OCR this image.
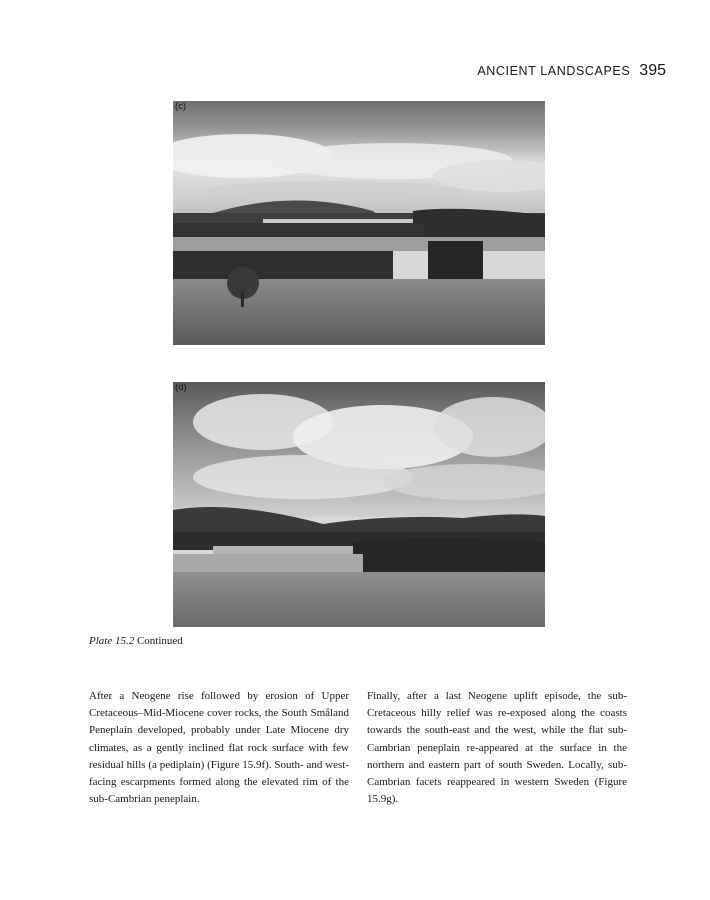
ANCIENT LANDSCAPES 395
(c)
(d)
Plate 15.2 Continued

After a Neogene rise followed by erosion of Upper Cretaceous–Mid-Miocene cover rocks, the South Småland Peneplain developed, probably under Late Miocene dry climates, as a gently inclined flat rock surface with few residual hills (a pediplain) (Figure 15.9f). South- and west-facing escarpments formed along the elevated rim of the sub-Cambrian peneplain.

Finally, after a last Neogene uplift episode, the sub-Cretaceous hilly relief was re-exposed along the coasts towards the south-east and the west, while the flat sub-Cambrian peneplain re-appeared at the surface in the northern and eastern part of south Sweden. Locally, sub-Cambrian facets reappeared in western Sweden (Figure 15.9g).
